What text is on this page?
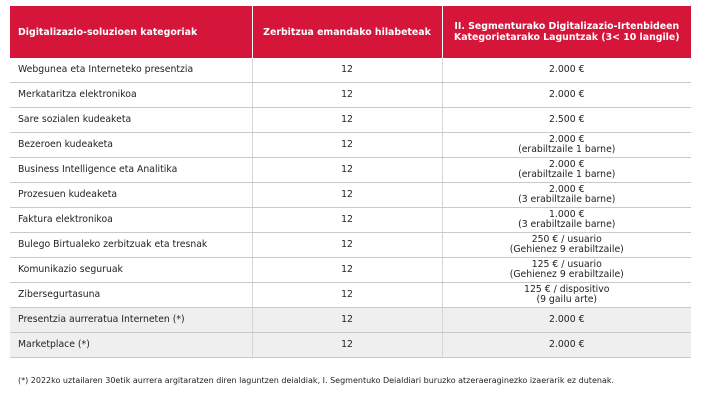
Digitalizazio-soluzioen kategoriak	Zerbitzua emandako hilabeteak	II. Segmenturako Digitalizazio-Irtenbideen Kategorietarako Laguntzak (3< 10 langile)
Webgunea eta Interneteko presentzia	12	2.000 €

Merkataritza elektronikoa	12	2.000 €

Sare sozialen kudeaketa	12	2.500 €

Bezeroen kudeaketa	12	2.000 €
(erabiltzaile 1 barne)

Business Intelligence eta Analitika	12	2.000 €
(erabiltzaile 1 barne)

Prozesuen kudeaketa	12	2.000 €
(3 erabiltzaile barne)

Faktura elektronikoa	12	1.000 €
(3 erabiltzaile barne)

Bulego Birtualeko zerbitzuak eta tresnak	12	250 € / usuario
(Gehienez 9 erabiltzaile)

Komunikazio seguruak	12	125 € / usuario
(Gehienez 9 erabiltzaile)

Zibersegurtasuna	12	125 € / dispositivo
(9 gailu arte)

Presentzia aurreratua Interneten (*)	12	2.000 €

Marketplace (*)	12	2.000 €
(*) 2022ko uztailaren 30etik aurrera argitaratzen diren laguntzen deialdiak, I. Segmentuko Deialdiari buruzko atzeraeraginezko izaerarik ez dutenak.
